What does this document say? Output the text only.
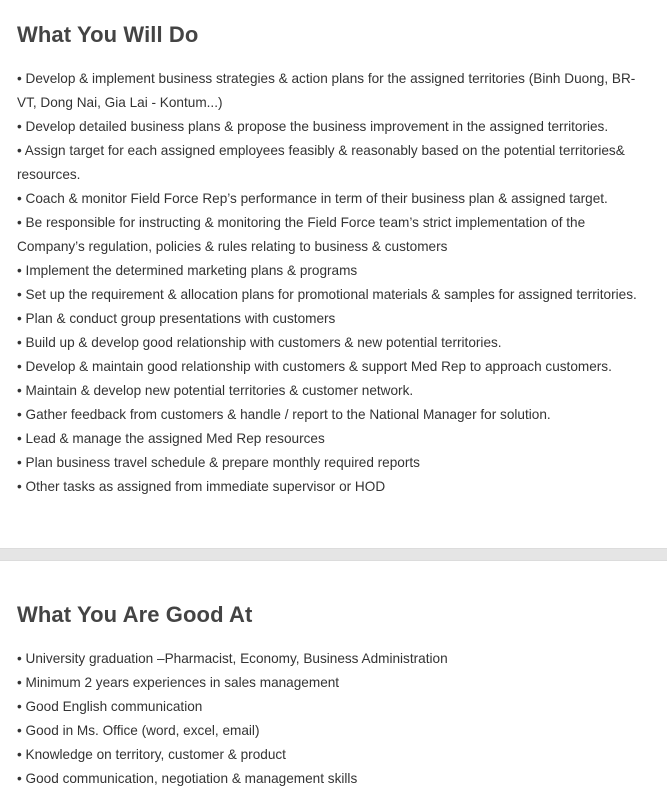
What You Will Do
• Develop & implement business strategies & action plans for the assigned territories (Binh Duong, BR-VT, Dong Nai, Gia Lai - Kontum...)
• Develop detailed business plans & propose the business improvement in the assigned territories.
• Assign target for each assigned employees feasibly & reasonably based on the potential territories& resources.
• Coach & monitor Field Force Rep’s performance in term of their business plan & assigned target.
• Be responsible for instructing & monitoring the Field Force team’s strict implementation of the Company’s regulation, policies & rules relating to business & customers
• Implement the determined marketing plans & programs
• Set up the requirement & allocation plans for promotional materials & samples for assigned territories.
• Plan & conduct group presentations with customers
• Build up & develop good relationship with customers & new potential territories.
• Develop & maintain good relationship with customers & support Med Rep to approach customers.
• Maintain & develop new potential territories & customer network.
• Gather feedback from customers & handle / report to the National Manager for solution.
• Lead & manage the assigned Med Rep resources
• Plan business travel schedule & prepare monthly required reports
• Other tasks as assigned from immediate supervisor or HOD
What You Are Good At
• University graduation –Pharmacist, Economy, Business Administration
• Minimum 2 years experiences in sales management
• Good English communication
• Good in Ms. Office (word, excel, email)
• Knowledge on territory, customer & product
• Good communication, negotiation & management skills
